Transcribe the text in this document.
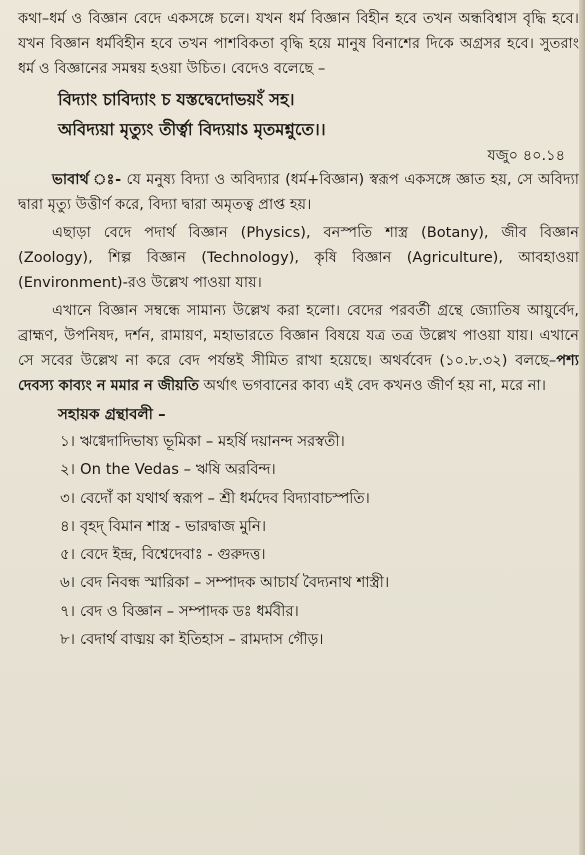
কথা–ধর্ম ও বিজ্ঞান বেদে একসঙ্গে চলে। যখন ধর্ম বিজ্ঞান বিহীন হবে তখন অন্ধবিশ্বাস বৃদ্ধি হবে। যখন বিজ্ঞান ধর্মবিহীন হবে তখন পাশবিকতা বৃদ্ধি হয়ে মানুষ বিনাশের দিকে অগ্রসর হবে। সুতরাং ধর্ম ও বিজ্ঞানের সমন্বয় হওয়া উচিত। বেদেও বলেছে –

বিদ্যাং চাবিদ্যাং চ যস্তদ্বেদোভয়ংঁ সহ।
অবিদ্যয়া মৃত্যুং তীর্ত্বা বিদ্যয়াऽ মৃতমশ্নুতে।।
যজু০ ৪০.১৪

ভাবার্থ ঃ- যে মনুষ্য বিদ্যা ও অবিদ্যার (ধর্ম+বিজ্ঞান) স্বরূপ একসঙ্গে জ্ঞাত হয়, সে অবিদ্যা দ্বারা মৃত্যু উত্তীর্ণ করে, বিদ্যা দ্বারা অমৃতত্ব প্রাপ্ত হয়।

এছাড়া বেদে পদার্থ বিজ্ঞান (Physics), বনস্পতি শাস্ত্র (Botany), জীব বিজ্ঞান (Zoology), শিল্প বিজ্ঞান (Technology), কৃষি বিজ্ঞান (Agriculture), আবহাওয়া (Environment)-রও উল্লেখ পাওয়া যায়।

এখানে বিজ্ঞান সম্বন্ধে সামান্য উল্লেখ করা হলো। বেদের পরবর্তী গ্রন্থে জ্যোতিষ আয়ুর্বেদ, ব্রাহ্মণ, উপনিষদ, দর্শন, রামায়ণ, মহাভারতে বিজ্ঞান বিষয়ে যত্র তত্র উল্লেখ পাওয়া যায়। এখানে সে সবের উল্লেখ না করে বেদ পর্যন্তই সীমিত রাখা হয়েছে। অথর্ববেদ (১০.৮.৩২) বলছে–পশ্য দেবস্য কাব্যং ন মমার ন জীয়তি অর্থাৎ ভগবানের কাব্য এই বেদ কখনও জীর্ণ হয় না, মরে না।

সহায়ক গ্রন্থাবলী –
১। ঋগ্বেদাদিভাষ্য ভূমিকা – মহর্ষি দয়ানন্দ সরস্বতী।
২। On the Vedas – ঋষি অরবিন্দ।
৩। বেদোঁ কা যথার্থ স্বরূপ – শ্রী ধর্মদেব বিদ্যাবাচস্পতি।
৪। বৃহদ্ বিমান শাস্ত্র - ভারদ্বাজ মুনি।
৫। বেদে ইন্দ্র, বিশ্বেদেবাঃ - গুরুদত্ত।
৬। বেদ নিবন্ধ স্মারিকা – সম্পাদক আচার্য বৈদ্যনাথ শাস্ত্রী।
৭। বেদ ও বিজ্ঞান – সম্পাদক ডঃ ধর্মবীর।
৮। বেদার্থ বাঙ্ময় কা ইতিহাস – রামদাস গৌড়।
